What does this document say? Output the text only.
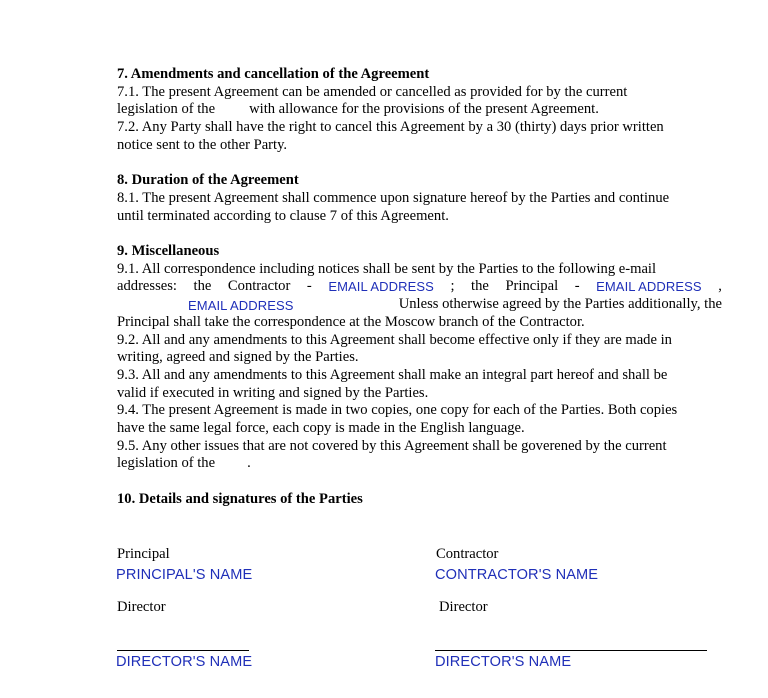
7. Amendments and cancellation of the Agreement
7.1. The present Agreement can be amended or cancelled as provided for by the current
legislation of the with allowance for the provisions of the present Agreement.
7.2. Any Party shall have the right to cancel this Agreement by a 30 (thirty) days prior written
notice sent to the other Party.
8. Duration of the Agreement
8.1. The present Agreement shall commence upon signature hereof by the Parties and continue
until terminated according to clause 7 of this Agreement.
9. Miscellaneous
9.1. All correspondence including notices shall be sent by the Parties to the following e-mail
addresses: the Contractor - EMAIL ADDRESS ; the Principal - EMAIL ADDRESS ,
EMAIL ADDRESS	Unless otherwise agreed by the Parties additionally, the
Principal shall take the correspondence at the Moscow branch of the Contractor.
9.2. All and any amendments to this Agreement shall become effective only if they are made in
writing, agreed and signed by the Parties.
9.3. All and any amendments to this Agreement shall make an integral part hereof and shall be
valid if executed in writing and signed by the Parties.
9.4. The present Agreement is made in two copies, one copy for each of the Parties. Both copies
have the same legal force, each copy is made in the English language.
9.5. Any other issues that are not covered by this Agreement shall be goverened by the current
legislation of the .
10. Details and signatures of the Parties
Principal
PRINCIPAL'S NAME
Director
DIRECTOR'S NAME
Contractor
CONTRACTOR'S NAME
Director
DIRECTOR'S NAME
